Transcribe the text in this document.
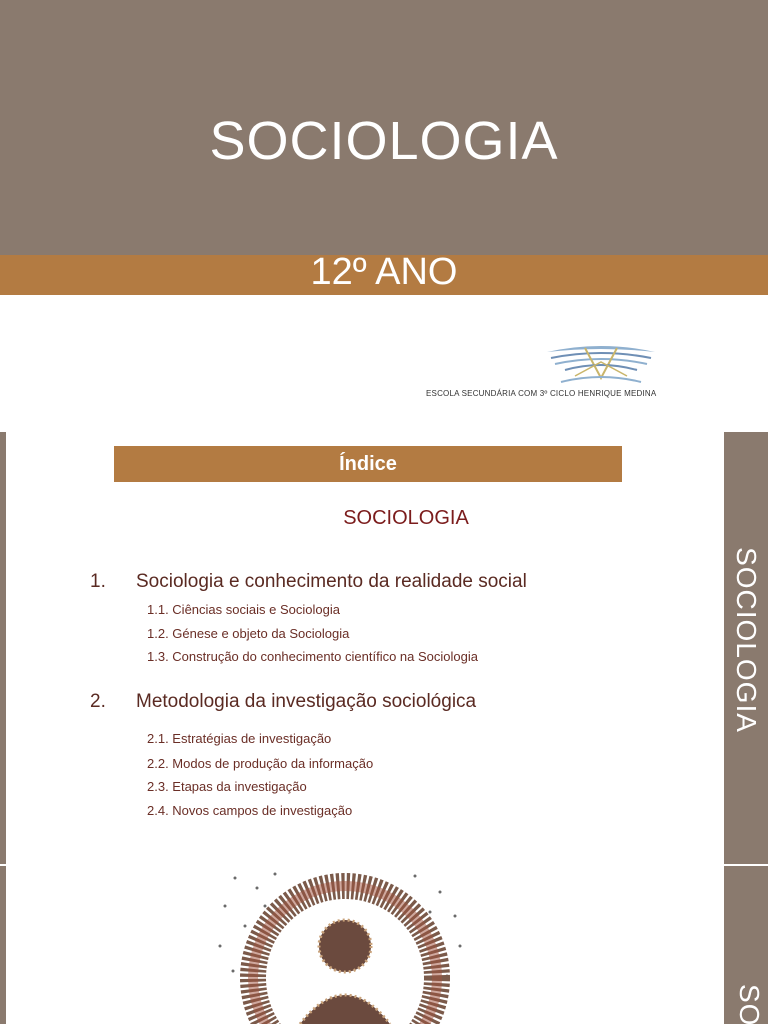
SOCIOLOGIA
12º ANO
ESCOLA SECUNDÁRIA COM 3º CICLO HENRIQUE MEDINA
SOCIOLOGIA
Índice
SOCIOLOGIA
1. Sociologia e conhecimento da realidade social
1.1. Ciências sociais e Sociologia
1.2. Génese e objeto da Sociologia
1.3. Construção do conhecimento científico na Sociologia
2. Metodologia da investigação sociológica
2.1. Estratégias de investigação
2.2. Modos de produção da informação
2.3. Etapas da investigação
2.4. Novos campos de investigação
SO
